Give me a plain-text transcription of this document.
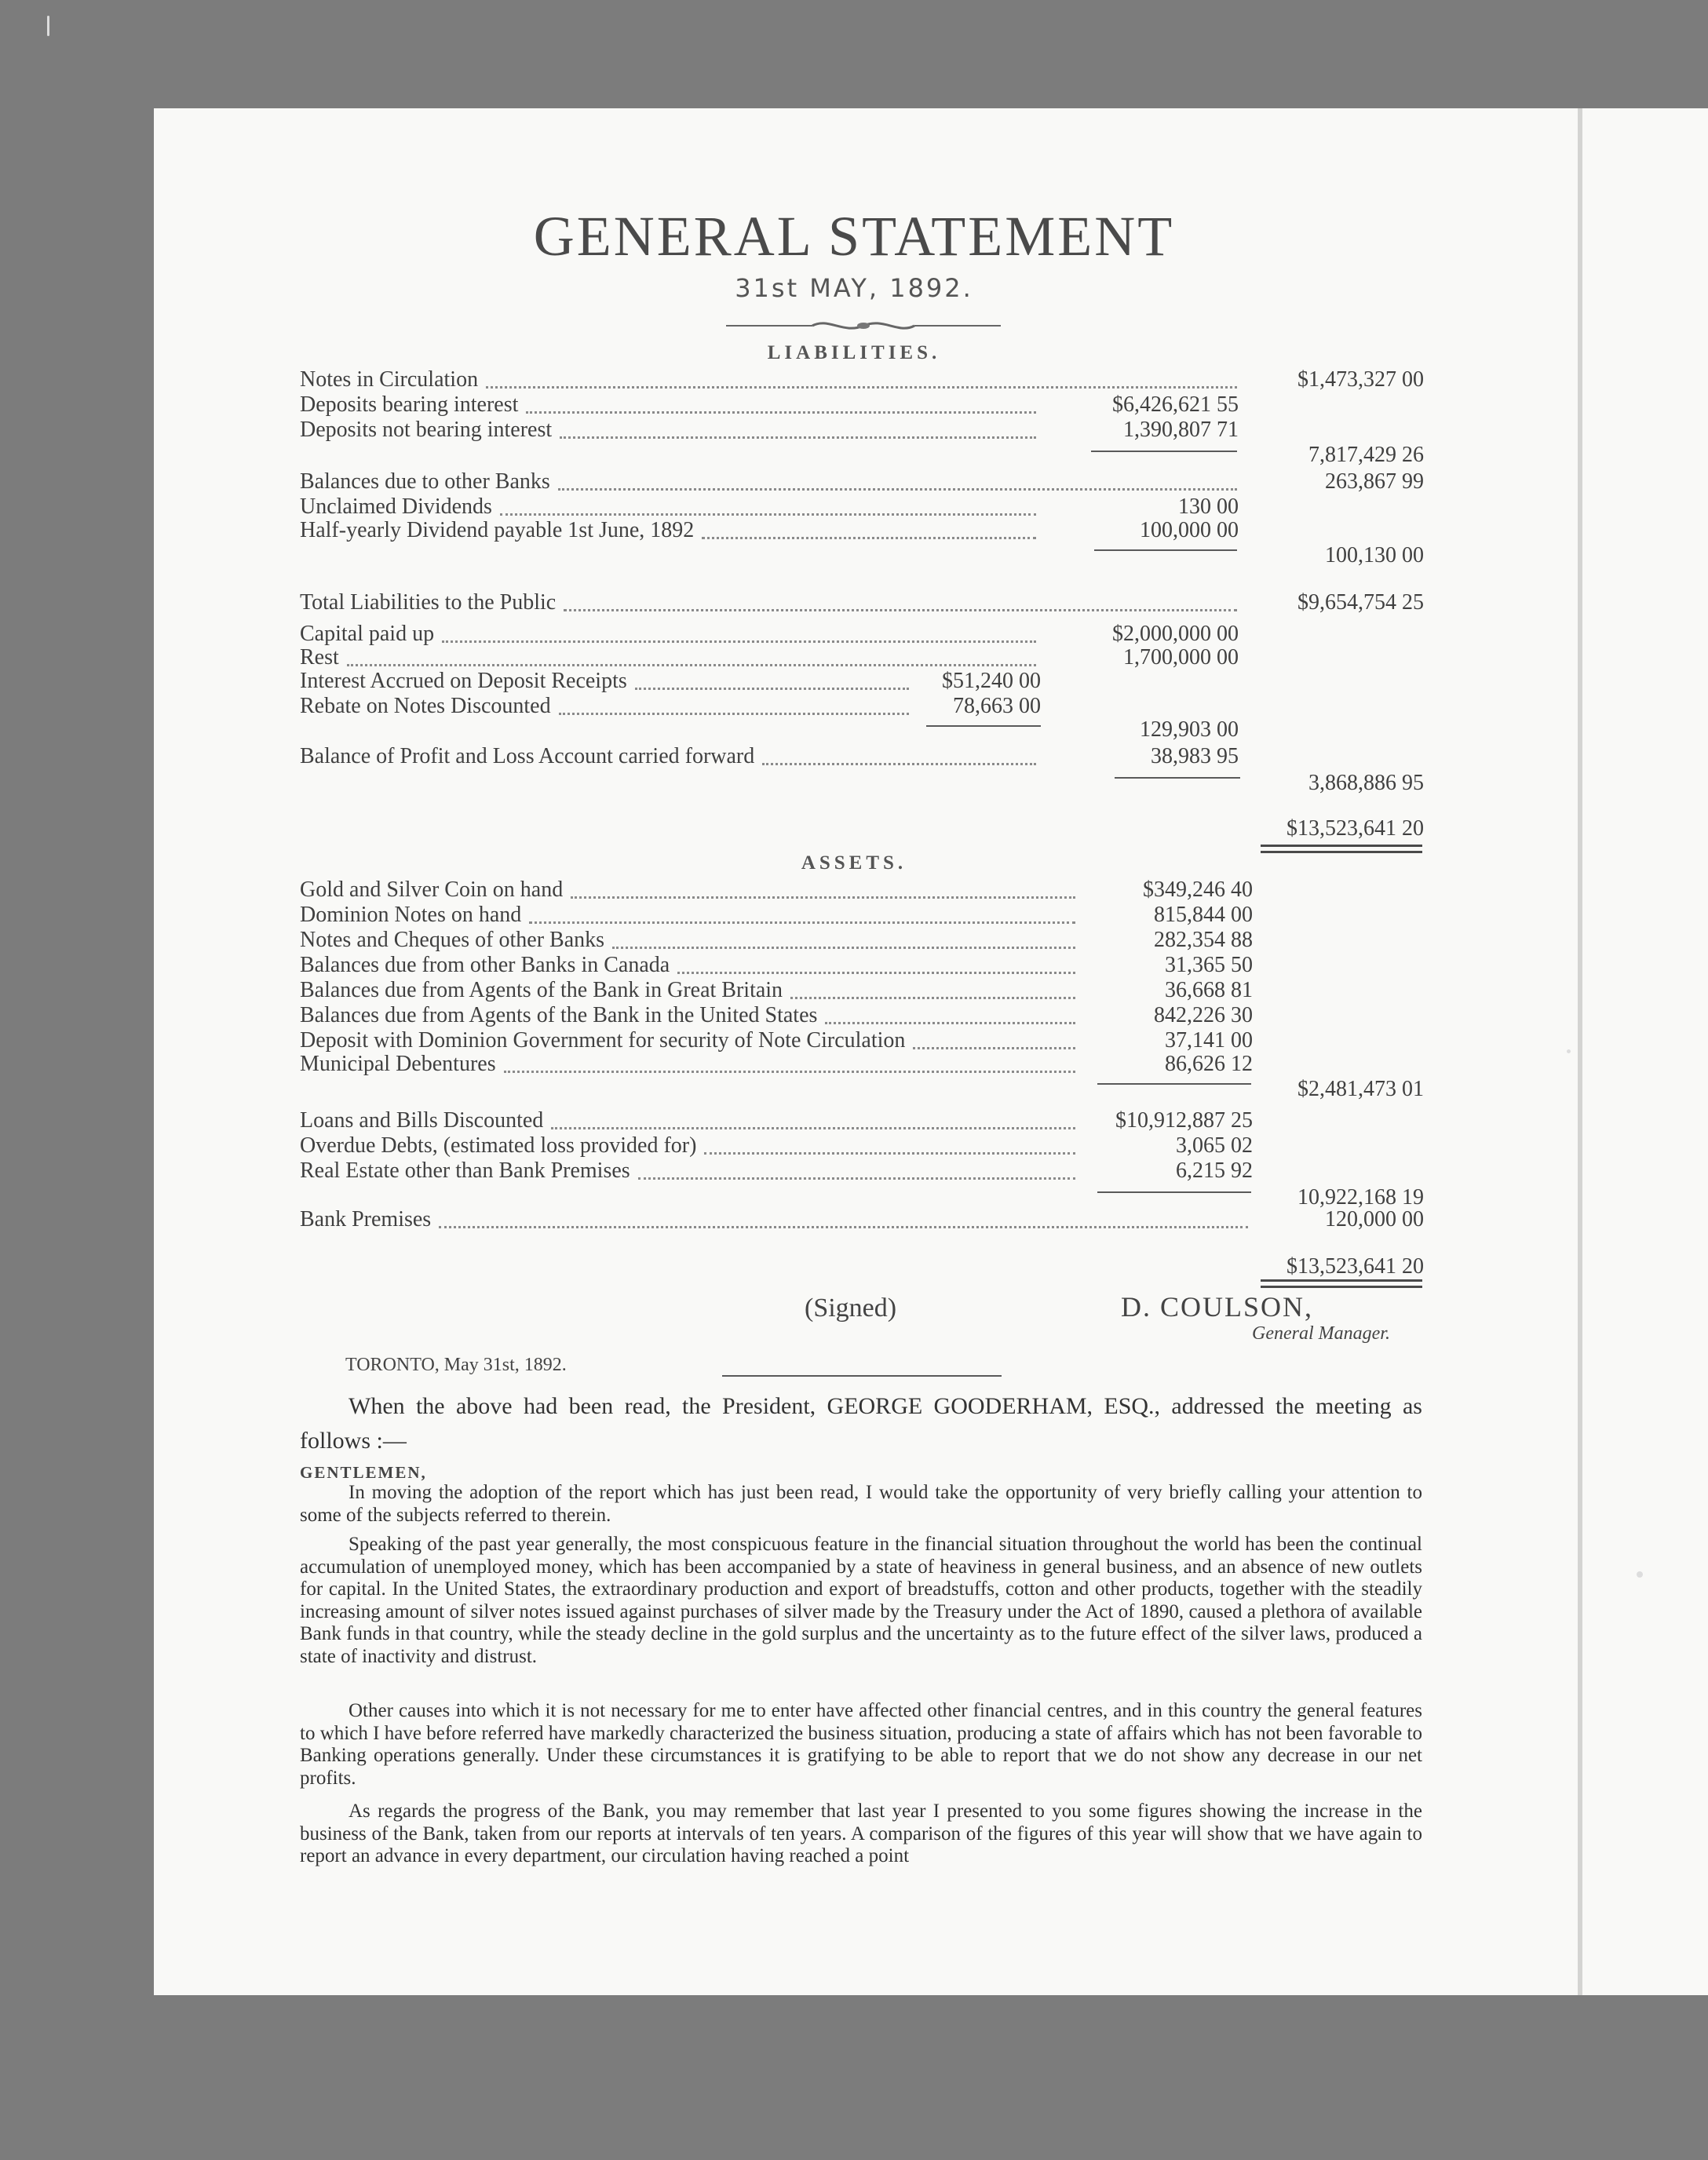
GENERAL STATEMENT
31st MAY, 1892.
LIABILITIES.
Notes in Circulation	$1,473,327 00
Deposits bearing interest	$6,426,621 55
Deposits not bearing interest	1,390,807 71
7,817,429 26
Balances due to other Banks	263,867 99
Unclaimed Dividends	130 00
Half-yearly Dividend payable 1st June, 1892	100,000 00
100,130 00
Total Liabilities to the Public	$9,654,754 25
Capital paid up	$2,000,000 00
Rest	1,700,000 00
Interest Accrued on Deposit Receipts	$51,240 00
Rebate on Notes Discounted	78,663 00
129,903 00
Balance of Profit and Loss Account carried forward	38,983 95
3,868,886 95
$13,523,641 20
ASSETS.
Gold and Silver Coin on hand	$349,246 40
Dominion Notes on hand	815,844 00
Notes and Cheques of other Banks	282,354 88
Balances due from other Banks in Canada	31,365 50
Balances due from Agents of the Bank in Great Britain	36,668 81
Balances due from Agents of the Bank in the United States	842,226 30
Deposit with Dominion Government for security of Note Circulation	37,141 00
Municipal Debentures	86,626 12
$2,481,473 01
Loans and Bills Discounted	$10,912,887 25
Overdue Debts, (estimated loss provided for)	3,065 02
Real Estate other than Bank Premises	6,215 92
10,922,168 19
Bank Premises	120,000 00
$13,523,641 20
(Signed)	D. COULSON,
General Manager.
TORONTO, May 31st, 1892.
When the above had been read, the President, GEORGE GOODERHAM, ESQ., addressed the meeting as follows :—
GENTLEMEN,
In moving the adoption of the report which has just been read, I would take the opportunity of very briefly calling your attention to some of the subjects referred to therein.
Speaking of the past year generally, the most conspicuous feature in the financial situation throughout the world has been the continual accumulation of unemployed money, which has been accompanied by a state of heaviness in general business, and an absence of new outlets for capital. In the United States, the extraordinary production and export of breadstuffs, cotton and other products, together with the steadily increasing amount of silver notes issued against purchases of silver made by the Treasury under the Act of 1890, caused a plethora of available Bank funds in that country, while the steady decline in the gold surplus and the uncertainty as to the future effect of the silver laws, produced a state of inactivity and distrust.
Other causes into which it is not necessary for me to enter have affected other financial centres, and in this country the general features to which I have before referred have markedly characterized the business situation, producing a state of affairs which has not been favorable to Banking operations generally. Under these circumstances it is gratifying to be able to report that we do not show any decrease in our net profits.
As regards the progress of the Bank, you may remember that last year I presented to you some figures showing the increase in the business of the Bank, taken from our reports at intervals of ten years. A comparison of the figures of this year will show that we have again to report an advance in every department, our circulation having reached a point
